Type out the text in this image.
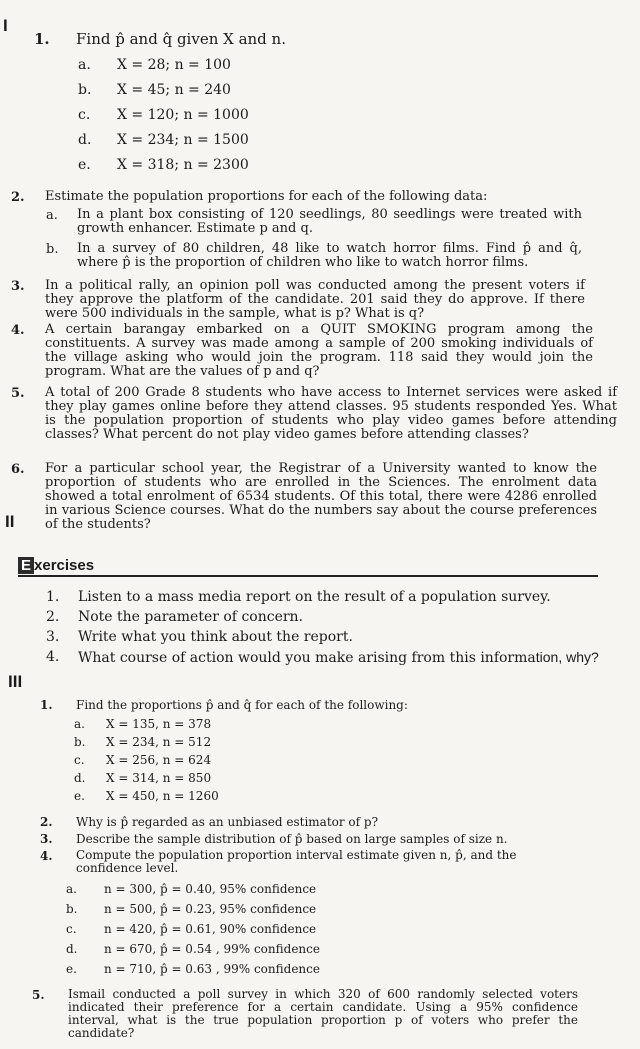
I
1. Find p̂ and q̂ given X and n.
a. X = 28; n = 100
b. X = 45; n = 240
c. X = 120; n = 1000
d. X = 234; n = 1500
e. X = 318; n = 2300
2. Estimate the population proportions for each of the following data:
a. In a plant box consisting of 120 seedlings, 80 seedlings were treated with growth enhancer. Estimate p and q.
b. In a survey of 80 children, 48 like to watch horror films. Find p̂ and q̂, where p̂ is the proportion of children who like to watch horror films.
3. In a political rally, an opinion poll was conducted among the present voters if they approve the platform of the candidate. 201 said they do approve. If there were 500 individuals in the sample, what is p? What is q?
4. A certain barangay embarked on a QUIT SMOKING program among the constituents. A survey was made among a sample of 200 smoking individuals of the village asking who would join the program. 118 said they would join the program. What are the values of p and q?
5. A total of 200 Grade 8 students who have access to Internet services were asked if they play games online before they attend classes. 95 students responded Yes. What is the population proportion of students who play video games before attending classes? What percent do not play video games before attending classes?
6. For a particular school year, the Registrar of a University wanted to know the proportion of students who are enrolled in the Sciences. The enrolment data showed a total enrolment of 6534 students. Of this total, there were 4286 enrolled in various Science courses. What do the numbers say about the course preferences of the students?
II
E xercises
1. Listen to a mass media report on the result of a population survey.
2. Note the parameter of concern.
3. Write what you think about the report.
4. What course of action would you make arising from this information, why?
III
1. Find the proportions p̂ and q̂ for each of the following:
a. X = 135, n = 378
b. X = 234, n = 512
c. X = 256, n = 624
d. X = 314, n = 850
e. X = 450, n = 1260
2. Why is p̂ regarded as an unbiased estimator of p?
3. Describe the sample distribution of p̂ based on large samples of size n.
4. Compute the population proportion interval estimate given n, p̂, and the confidence level.
a. n = 300, p̂ = 0.40, 95% confidence
b. n = 500, p̂ = 0.23, 95% confidence
c. n = 420, p̂ = 0.61, 90% confidence
d. n = 670, p̂ = 0.54 , 99% confidence
e. n = 710, p̂ = 0.63 , 99% confidence
5. Ismail conducted a poll survey in which 320 of 600 randomly selected voters indicated their preference for a certain candidate. Using a 95% confidence interval, what is the true population proportion p of voters who prefer the candidate?
